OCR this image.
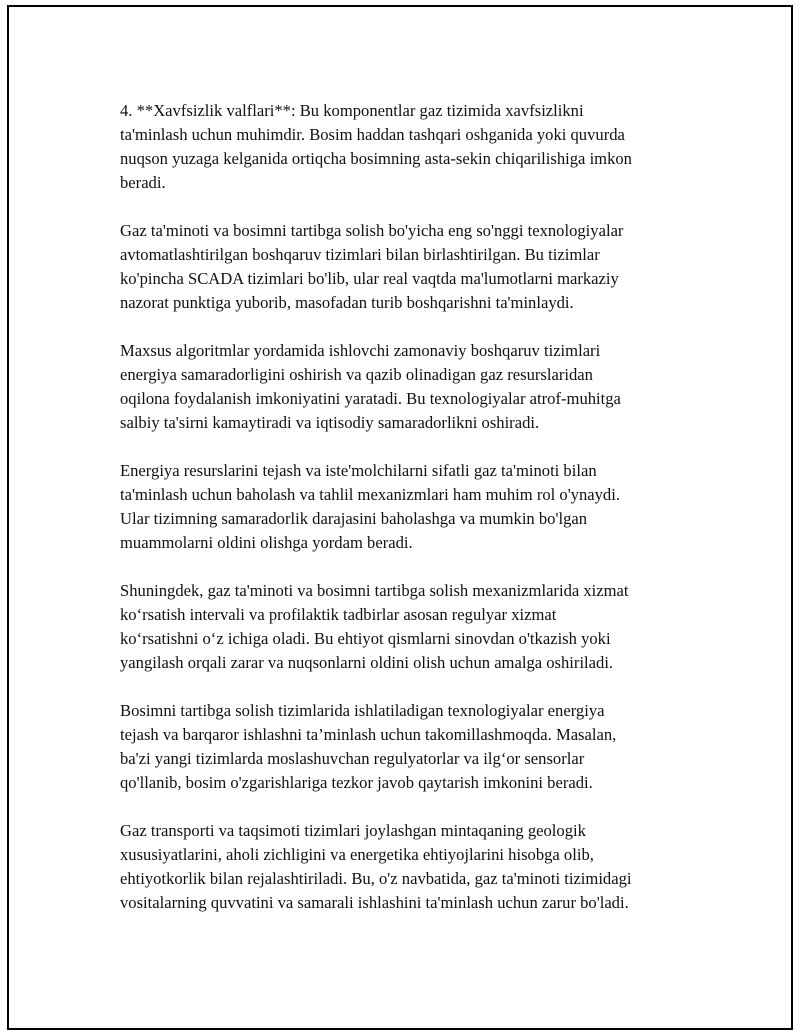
4. **Xavfsizlik valflari**: Bu komponentlar gaz tizimida xavfsizlikni
ta'minlash uchun muhimdir. Bosim haddan tashqari oshganida yoki quvurda
nuqson yuzaga kelganida ortiqcha bosimning asta-sekin chiqarilishiga imkon
beradi.

Gaz ta'minoti va bosimni tartibga solish bo'yicha eng so'nggi texnologiyalar
avtomatlashtirilgan boshqaruv tizimlari bilan birlashtirilgan. Bu tizimlar
ko'pincha SCADA tizimlari bo'lib, ular real vaqtda ma'lumotlarni markaziy
nazorat punktiga yuborib, masofadan turib boshqarishni ta'minlaydi.

Maxsus algoritmlar yordamida ishlovchi zamonaviy boshqaruv tizimlari
energiya samaradorligini oshirish va qazib olinadigan gaz resurslaridan
oqilona foydalanish imkoniyatini yaratadi. Bu texnologiyalar atrof-muhitga
salbiy ta'sirni kamaytiradi va iqtisodiy samaradorlikni oshiradi.

Energiya resurslarini tejash va iste'molchilarni sifatli gaz ta'minoti bilan
ta'minlash uchun baholash va tahlil mexanizmlari ham muhim rol o'ynaydi.
Ular tizimning samaradorlik darajasini baholashga va mumkin bo'lgan
muammolarni oldini olishga yordam beradi.

Shuningdek, gaz ta'minoti va bosimni tartibga solish mexanizmlarida xizmat
ko‘rsatish intervali va profilaktik tadbirlar asosan regulyar xizmat
ko‘rsatishni o‘z ichiga oladi. Bu ehtiyot qismlarni sinovdan o'tkazish yoki
yangilash orqali zarar va nuqsonlarni oldini olish uchun amalga oshiriladi.

Bosimni tartibga solish tizimlarida ishlatiladigan texnologiyalar energiya
tejash va barqaror ishlashni ta’minlash uchun takomillashmoqda. Masalan,
ba'zi yangi tizimlarda moslashuvchan regulyatorlar va ilg‘or sensorlar
qo'llanib, bosim o'zgarishlariga tezkor javob qaytarish imkonini beradi.

Gaz transporti va taqsimoti tizimlari joylashgan mintaqaning geologik
xususiyatlarini, aholi zichligini va energetika ehtiyojlarini hisobga olib,
ehtiyotkorlik bilan rejalashtiriladi. Bu, o'z navbatida, gaz ta'minoti tizimidagi
vositalarning quvvatini va samarali ishlashini ta'minlash uchun zarur bo'ladi.
